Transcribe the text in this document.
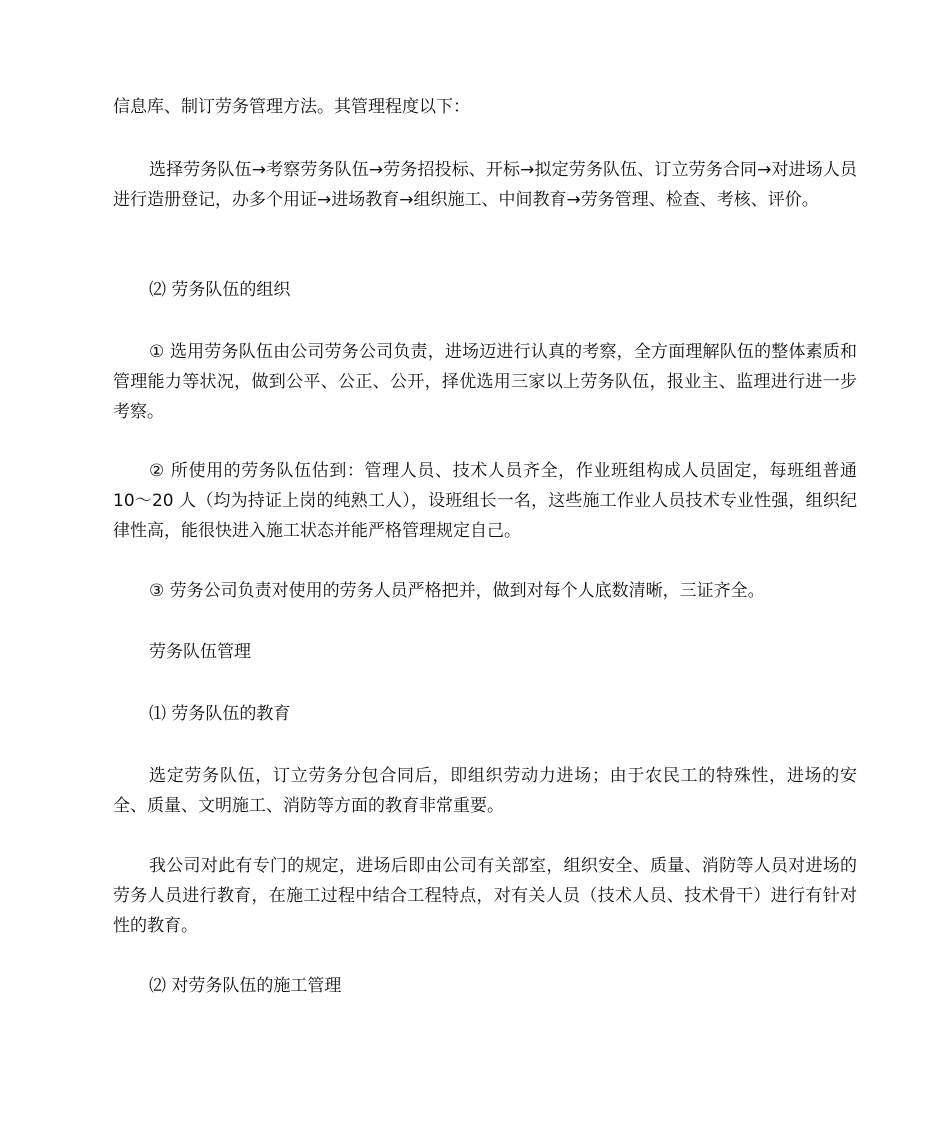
信息库、制订劳务管理方法。其管理程度以下：

选择劳务队伍→考察劳务队伍→劳务招投标、开标→拟定劳务队伍、订立劳务合同→对进场人员进行造册登记，办多个用证→进场教育→组织施工、中间教育→劳务管理、检查、考核、评价。

⑵ 劳务队伍的组织

① 选用劳务队伍由公司劳务公司负责，进场迈进行认真的考察，全方面理解队伍的整体素质和管理能力等状况，做到公平、公正、公开，择优选用三家以上劳务队伍，报业主、监理进行进一步考察。

② 所使用的劳务队伍估到：管理人员、技术人员齐全，作业班组构成人员固定，每班组普通 10～20 人（均为持证上岗的纯熟工人），设班组长一名，这些施工作业人员技术专业性强，组织纪律性高，能很快进入施工状态并能严格管理规定自己。

③ 劳务公司负责对使用的劳务人员严格把并，做到对每个人底数清晰，三证齐全。

劳务队伍管理

⑴ 劳务队伍的教育

选定劳务队伍，订立劳务分包合同后，即组织劳动力进场；由于农民工的特殊性，进场的安全、质量、文明施工、消防等方面的教育非常重要。

我公司对此有专门的规定，进场后即由公司有关部室，组织安全、质量、消防等人员对进场的劳务人员进行教育，在施工过程中结合工程特点，对有关人员（技术人员、技术骨干）进行有针对性的教育。

⑵ 对劳务队伍的施工管理
